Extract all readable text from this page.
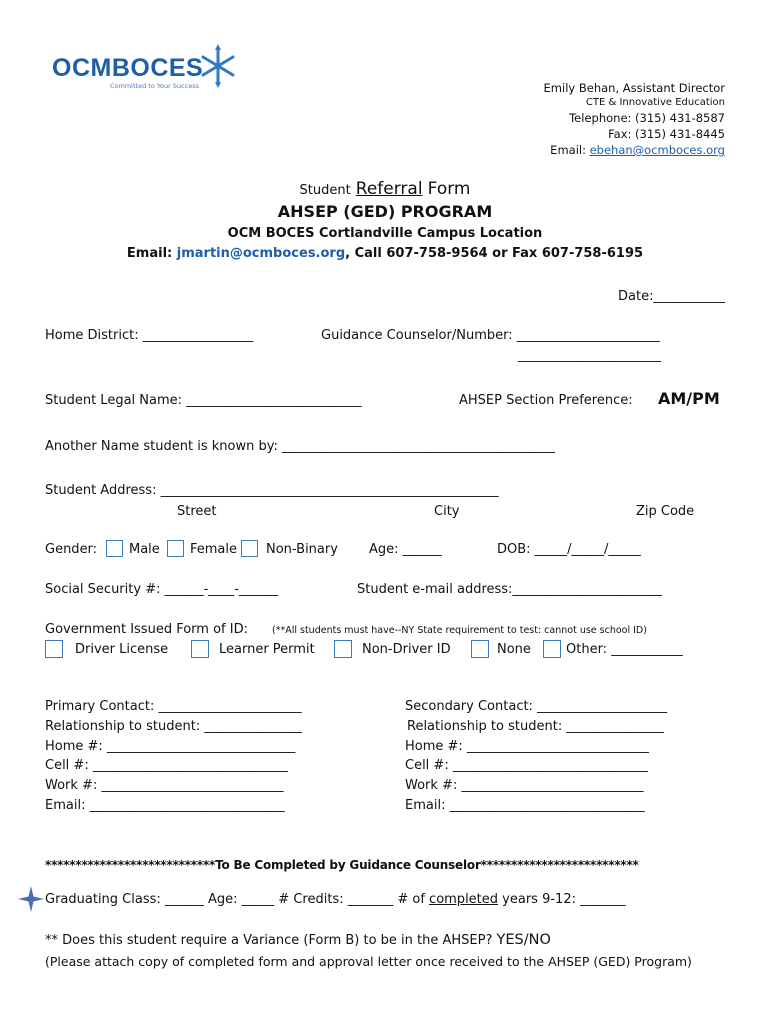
OCMBOCES
Committed to Your Success	Emily Behan, Assistant Director
CTE & Innovative Education
Telephone: (315) 431-8587
Fax: (315) 431-8445
Email: ebehan@ocmboces.org
Student Referral Form
AHSEP (GED) PROGRAM
OCM BOCES Cortlandville Campus Location
Email: jmartin@ocmboces.org, Call 607-758-9564 or Fax 607-758-6195
Date:___________
Home District: _________________	Guidance Counselor/Number: ______________________
______________________
Student Legal Name: ___________________________	AHSEP Section Preference: AM/PM
Another Name student is known by: __________________________________________
Student Address: ____________________________________________________
Street	City	Zip Code
Gender: Male Female Non-Binary Age: ______	DOB: _____/_____/_____
Social Security #: ______-____-______	Student e-mail address:_______________________
Government Issued Form of ID:	(**All students must have--NY State requirement to test: cannot use school ID)
Driver License	Learner Permit	Non-Driver ID	None	Other: ___________
Primary Contact: ______________________
Relationship to student: _______________
Home #: _____________________________
Cell #: ______________________________
Work #: ____________________________
Email: ______________________________
Secondary Contact: ____________________
Relationship to student: _______________
Home #: ____________________________
Cell #: ______________________________
Work #: ____________________________
Email: ______________________________
****************************To Be Completed by Guidance Counselor**************************
Graduating Class: ______ Age: _____ # Credits: _______ # of completed years 9-12: _______
** Does this student require a Variance (Form B) to be in the AHSEP? YES/NO
(Please attach copy of completed form and approval letter once received to the AHSEP (GED) Program)
